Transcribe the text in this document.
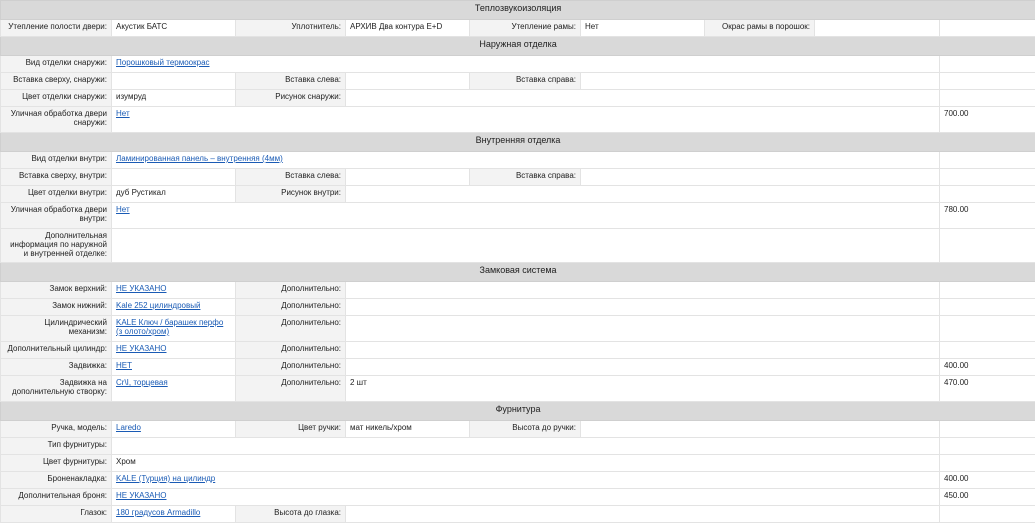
Теплозвукоизоляция								
Утепление полости двери:	Акустик БАТС	Уплотнитель:	АРХИВ Два контура Е+D	Утепление рамы:	Нет	Окрас рамы в порошок:		
Наружная отделка								
Вид отделки снаружи:	Порошковый термоокрас							
Вставка сверху, снаружи:		Вставка слева:		Вставка справа:				
Цвет отделки снаружи:	изумруд	Рисунок снаружи:						
Уличная обработка двери снаружи:	Нет							700.00
Внутренняя отделка								
Вид отделки внутри:	Ламинированная панель – внутренняя (4мм)							
Вставка сверху, внутри:		Вставка слева:		Вставка справа:				
Цвет отделки внутри:	дуб Рустикал	Рисунок внутри:						
Уличная обработка двери внутри:	Нет							780.00
Дополнительная информация по наружной и внутренней отделке:								
Замковая система								
Замок верхний:	НЕ УКАЗАНО	Дополнительно:						
Замок нижний:	Kale 252 цилиндровый	Дополнительно:						
Цилиндрический механизм:	KALE Ключ / барашек перфо (з олото/хром)	Дополнительно:						
Дополнительный цилиндр:	НЕ УКАЗАНО	Дополнительно:						
Задвижка:	НЕТ	Дополнительно:						400.00
Задвижка на дополнительную створку:	Cr\I, торцевая	Дополнительно:	2 шт					470.00
Фурнитура								
Ручка, модель:	Laredo	Цвет ручки:	мат никель/хром	Высота до ручки:				
Тип фурнитуры:								
Цвет фурнитуры:	Хром							
Броненакладка:	KALE (Турция) на цилиндр							400.00
Дополнительная броня:	НЕ УКАЗАНО							450.00
Глазок:	180 градусов Armadillo	Высота до глазка:						
